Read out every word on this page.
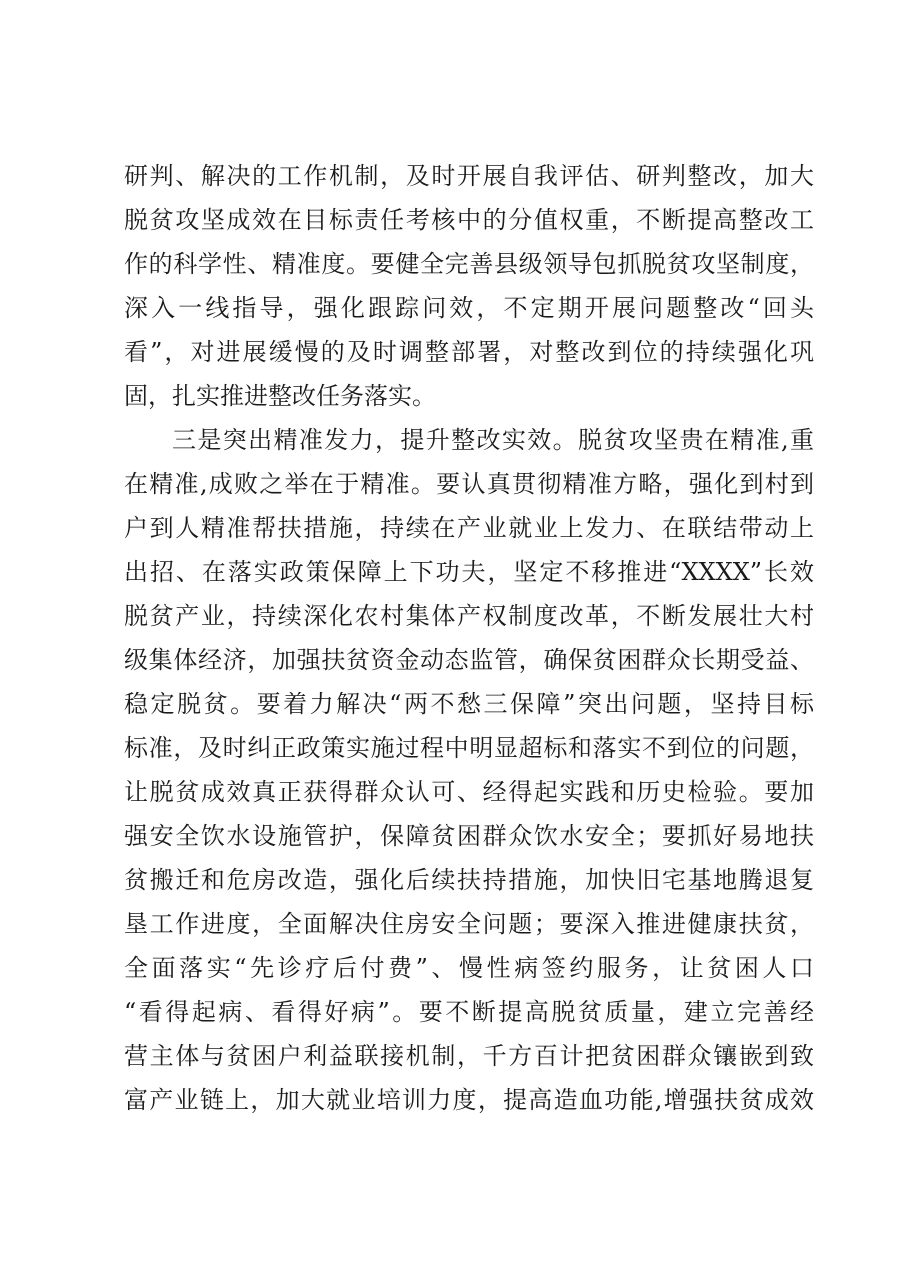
研判、解决的工作机制，及时开展自我评估、研判整改，加大
脱贫攻坚成效在目标责任考核中的分值权重，不断提高整改工
作的科学性、精准度。要健全完善县级领导包抓脱贫攻坚制度，
深入一线指导，强化跟踪问效，不定期开展问题整改“回头
看”，对进展缓慢的及时调整部署，对整改到位的持续强化巩
固，扎实推进整改任务落实。
三是突出精准发力，提升整改实效。脱贫攻坚贵在精准,重
在精准,成败之举在于精准。要认真贯彻精准方略，强化到村到
户到人精准帮扶措施，持续在产业就业上发力、在联结带动上
出招、在落实政策保障上下功夫，坚定不移推进“XXXX”长效
脱贫产业，持续深化农村集体产权制度改革，不断发展壮大村
级集体经济，加强扶贫资金动态监管，确保贫困群众长期受益、
稳定脱贫。要着力解决“两不愁三保障”突出问题，坚持目标
标准，及时纠正政策实施过程中明显超标和落实不到位的问题，
让脱贫成效真正获得群众认可、经得起实践和历史检验。要加
强安全饮水设施管护，保障贫困群众饮水安全；要抓好易地扶
贫搬迁和危房改造，强化后续扶持措施，加快旧宅基地腾退复
垦工作进度，全面解决住房安全问题；要深入推进健康扶贫，
全面落实“先诊疗后付费”、慢性病签约服务，让贫困人口
“看得起病、看得好病”。要不断提高脱贫质量，建立完善经
营主体与贫困户利益联接机制，千方百计把贫困群众镶嵌到致
富产业链上，加大就业培训力度，提高造血功能,增强扶贫成效
